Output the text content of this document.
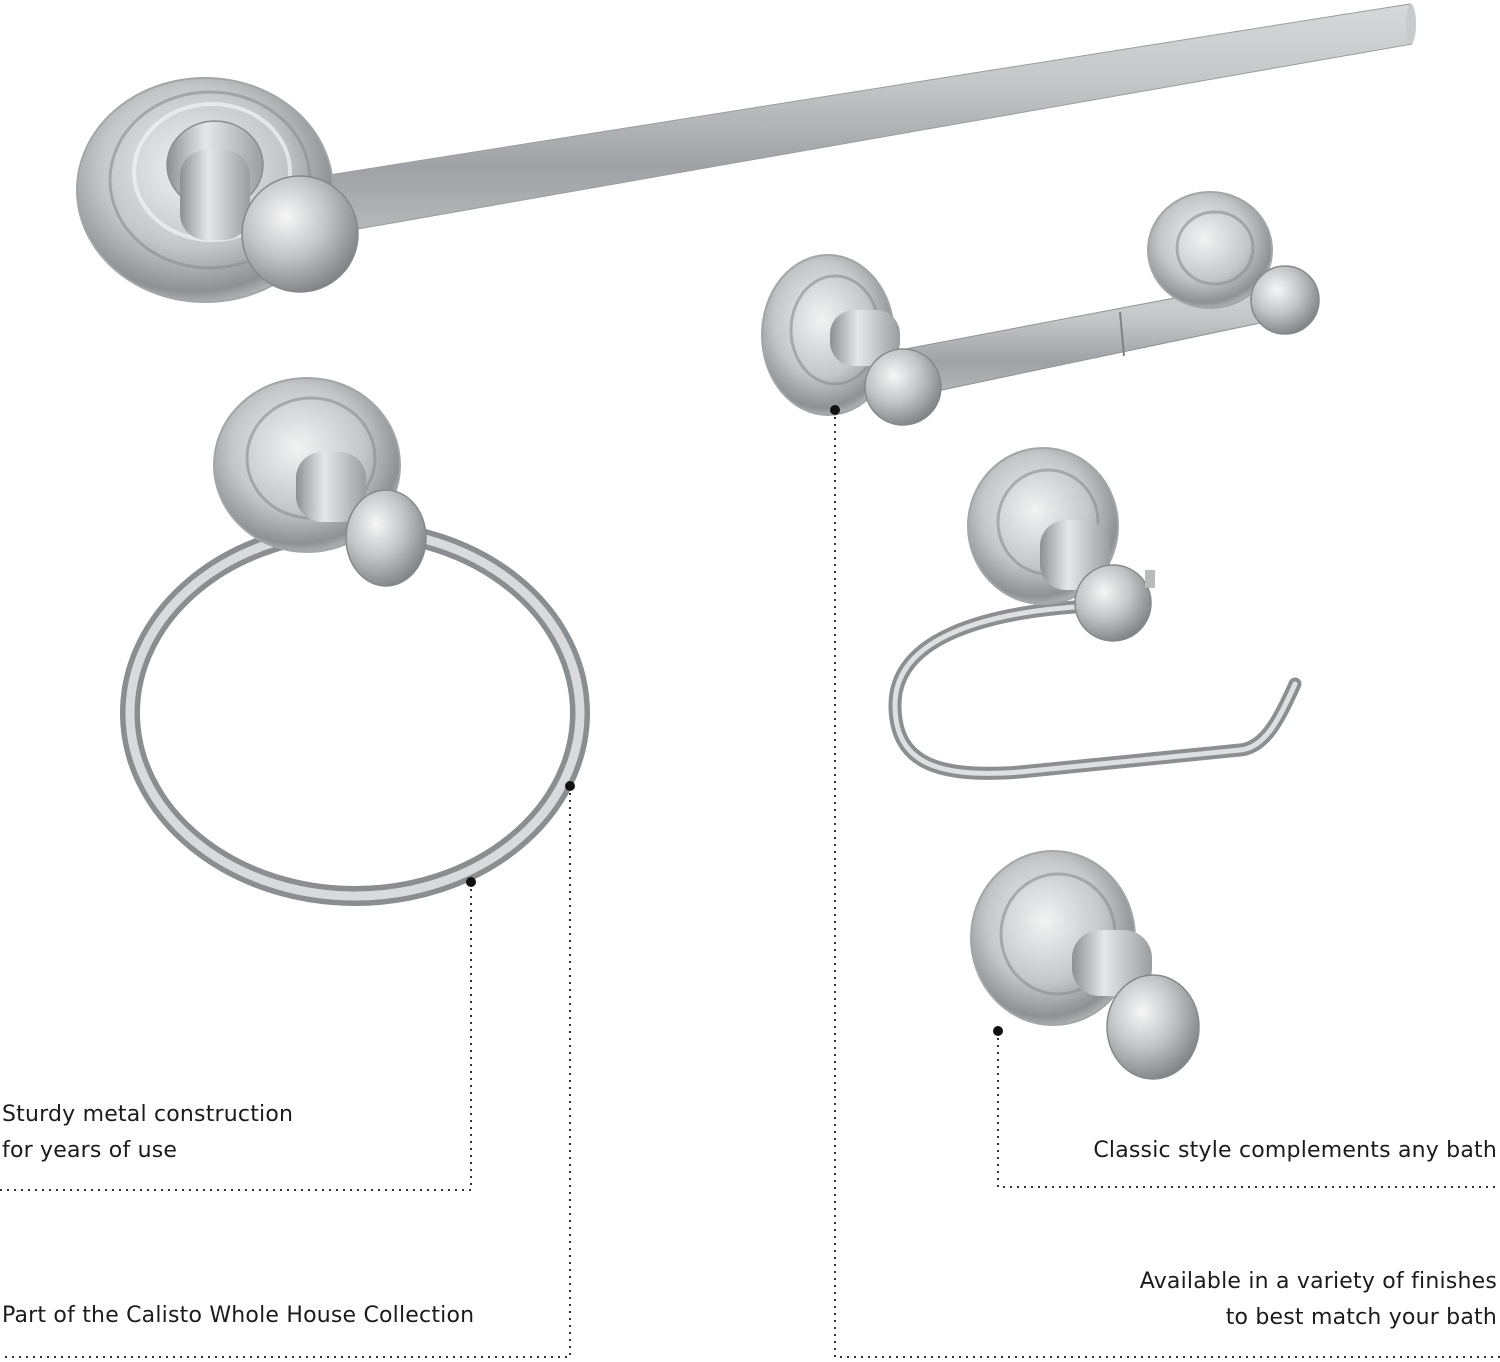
Sturdy metal construction
for years of use
Part of the Calisto Whole House Collection
Classic style complements any bath
Available in a variety of finishes
to best match your bath
